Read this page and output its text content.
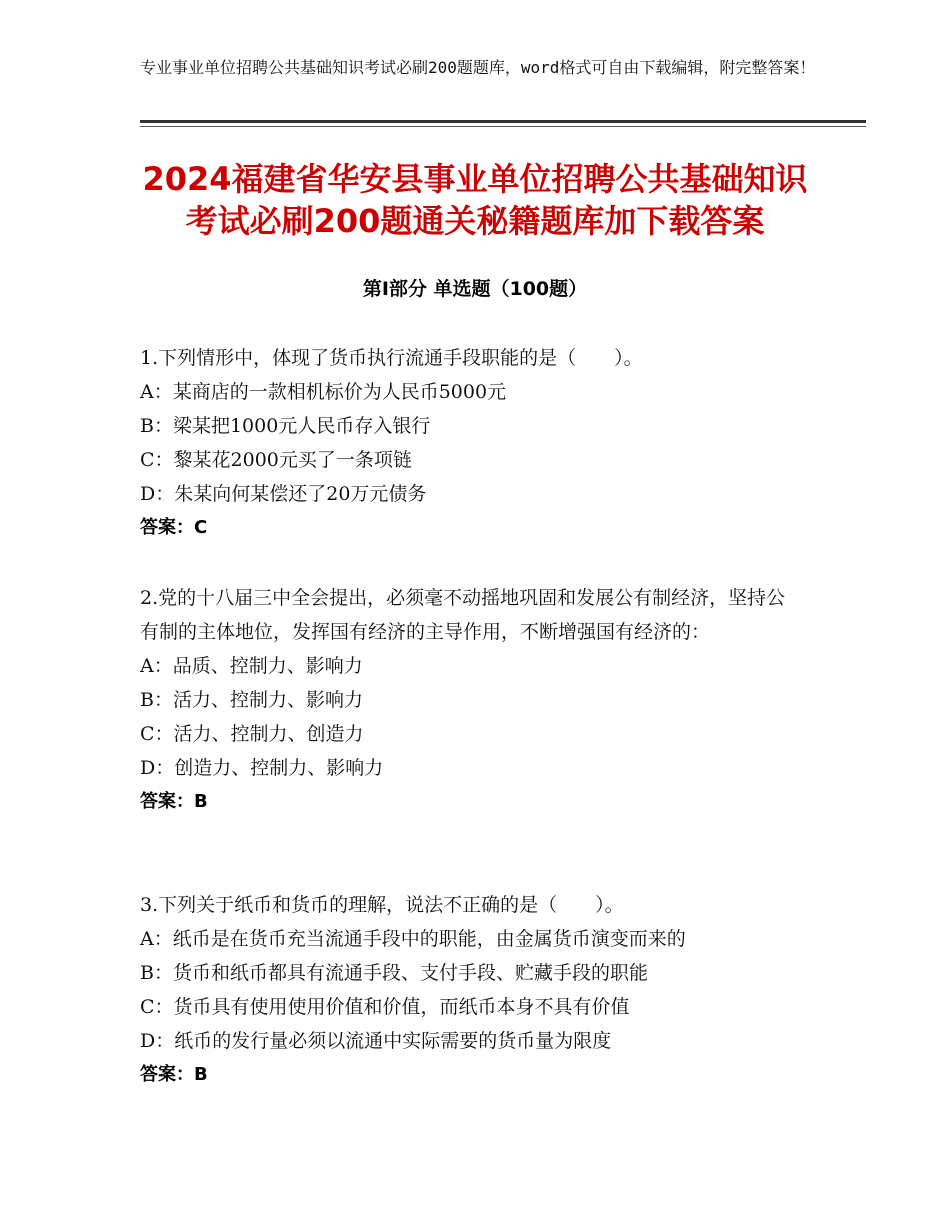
专业事业单位招聘公共基础知识考试必刷200题题库，word格式可自由下载编辑，附完整答案！
2024福建省华安县事业单位招聘公共基础知识考试必刷200题通关秘籍题库加下载答案
第Ⅰ部分 单选题（100题）
1.下列情形中，体现了货币执行流通手段职能的是（　　）。
A：某商店的一款相机标价为人民币5000元
B：梁某把1000元人民币存入银行
C：黎某花2000元买了一条项链
D：朱某向何某偿还了20万元债务
答案：C
2.党的十八届三中全会提出，必须毫不动摇地巩固和发展公有制经济，坚持公有制的主体地位，发挥国有经济的主导作用，不断增强国有经济的：
A：品质、控制力、影响力
B：活力、控制力、影响力
C：活力、控制力、创造力
D：创造力、控制力、影响力
答案：B
3.下列关于纸币和货币的理解，说法不正确的是（　　）。
A：纸币是在货币充当流通手段中的职能，由金属货币演变而来的
B：货币和纸币都具有流通手段、支付手段、贮藏手段的职能
C：货币具有使用使用价值和价值，而纸币本身不具有价值
D：纸币的发行量必须以流通中实际需要的货币量为限度
答案：B
